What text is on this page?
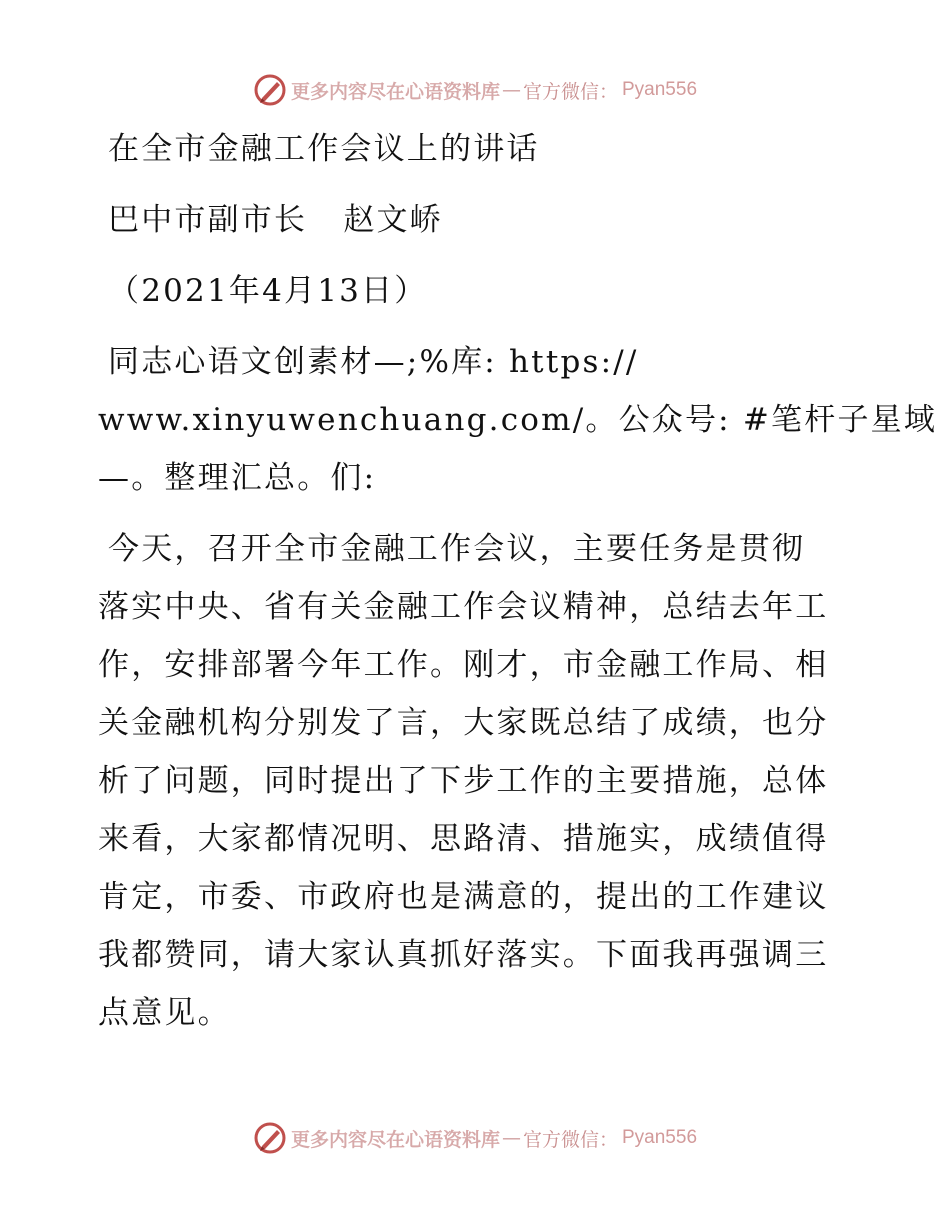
更多内容尽在心语资料库 — 官方微信： Pyan556
在全市金融工作会议上的讲话
巴中市副市长   赵文峤
（2021年4月13日）
同志心语文创素材—;%库: https://
www.xinyuwenchuang.com/。公众号: #笔杆子星域
—。整理汇总。们:
今天，召开全市金融工作会议，主要任务是贯彻
落实中央、省有关金融工作会议精神，总结去年工
作，安排部署今年工作。刚才，市金融工作局、相
关金融机构分别发了言，大家既总结了成绩，也分
析了问题，同时提出了下步工作的主要措施，总体
来看，大家都情况明、思路清、措施实，成绩值得
肯定，市委、市政府也是满意的，提出的工作建议
我都赞同，请大家认真抓好落实。下面我再强调三
点意见。
更多内容尽在心语资料库 — 官方微信： Pyan556
